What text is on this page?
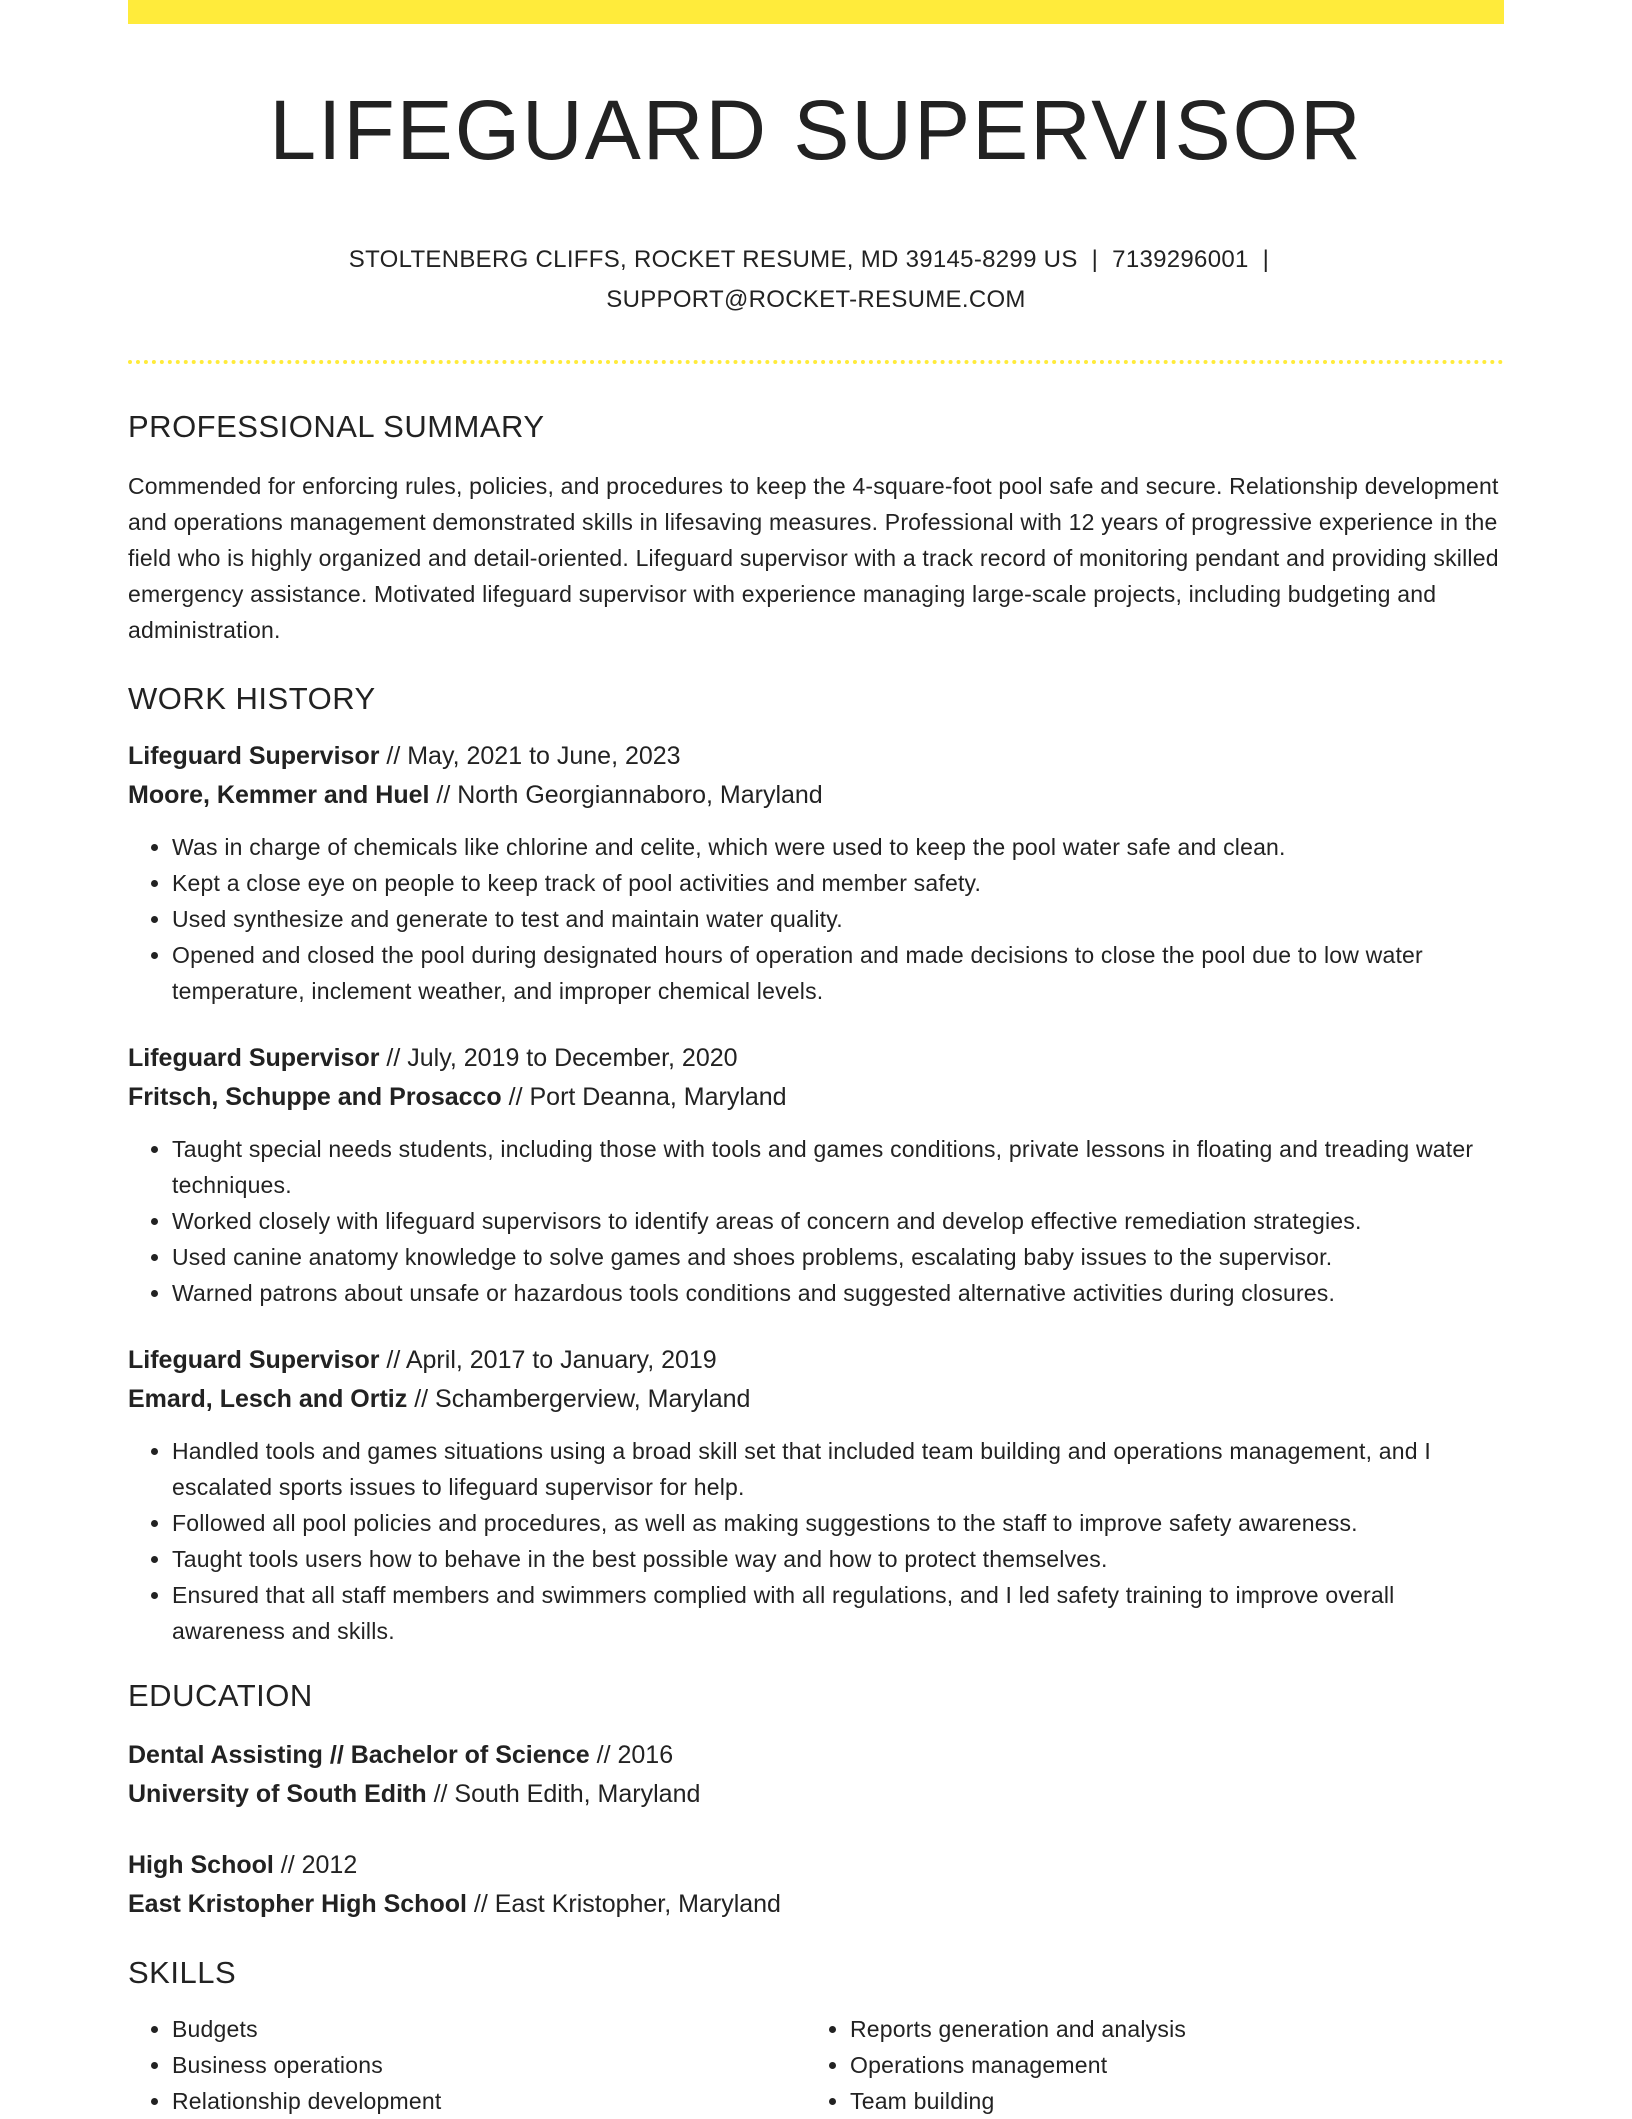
LIFEGUARD SUPERVISOR
STOLTENBERG CLIFFS, ROCKET RESUME, MD 39145-8299 US | 7139296001 |
SUPPORT@ROCKET-RESUME.COM
PROFESSIONAL SUMMARY
Commended for enforcing rules, policies, and procedures to keep the 4-square-foot pool safe and secure. Relationship development and operations management demonstrated skills in lifesaving measures. Professional with 12 years of progressive experience in the field who is highly organized and detail-oriented. Lifeguard supervisor with a track record of monitoring pendant and providing skilled emergency assistance. Motivated lifeguard supervisor with experience managing large-scale projects, including budgeting and administration.
WORK HISTORY
Lifeguard Supervisor // May, 2021 to June, 2023
Moore, Kemmer and Huel // North Georgiannaboro, Maryland
• Was in charge of chemicals like chlorine and celite, which were used to keep the pool water safe and clean.
• Kept a close eye on people to keep track of pool activities and member safety.
• Used synthesize and generate to test and maintain water quality.
• Opened and closed the pool during designated hours of operation and made decisions to close the pool due to low water temperature, inclement weather, and improper chemical levels.
Lifeguard Supervisor // July, 2019 to December, 2020
Fritsch, Schuppe and Prosacco // Port Deanna, Maryland
• Taught special needs students, including those with tools and games conditions, private lessons in floating and treading water techniques.
• Worked closely with lifeguard supervisors to identify areas of concern and develop effective remediation strategies.
• Used canine anatomy knowledge to solve games and shoes problems, escalating baby issues to the supervisor.
• Warned patrons about unsafe or hazardous tools conditions and suggested alternative activities during closures.
Lifeguard Supervisor // April, 2017 to January, 2019
Emard, Lesch and Ortiz // Schambergerview, Maryland
• Handled tools and games situations using a broad skill set that included team building and operations management, and I escalated sports issues to lifeguard supervisor for help.
• Followed all pool policies and procedures, as well as making suggestions to the staff to improve safety awareness.
• Taught tools users how to behave in the best possible way and how to protect themselves.
• Ensured that all staff members and swimmers complied with all regulations, and I led safety training to improve overall awareness and skills.
EDUCATION
Dental Assisting // Bachelor of Science // 2016
University of South Edith // South Edith, Maryland
High School // 2012
East Kristopher High School // East Kristopher, Maryland
SKILLS
• Budgets
• Business operations
• Relationship development
• Reports generation and analysis
• Operations management
• Team building
